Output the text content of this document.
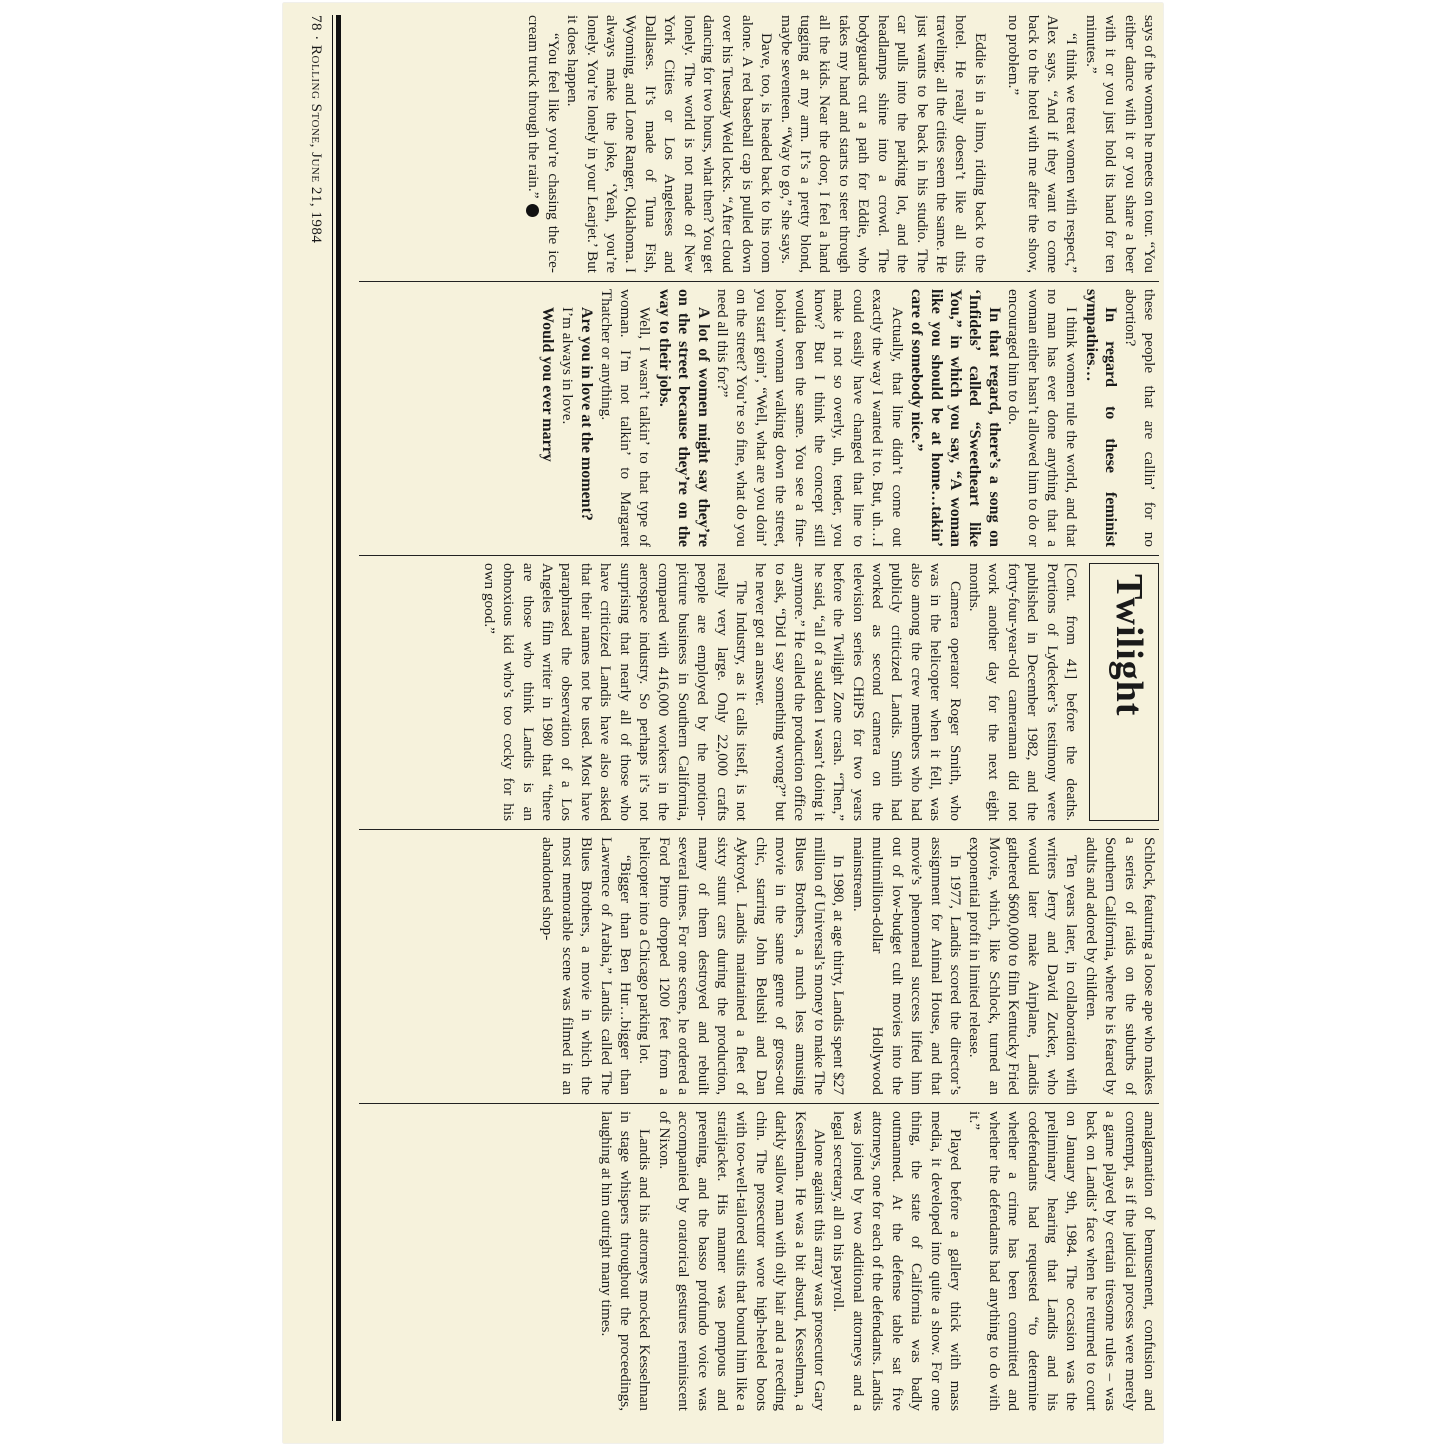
says of the women he meets on tour. “You either dance with it or you share a beer with it or you just hold its hand for ten minutes.”

“I think we treat women with respect,” Alex says. “And if they want to come back to the hotel with me after the show, no problem.”

Eddie is in a limo, riding back to the hotel. He really doesn’t like all this traveling; all the cities seem the same. He just wants to be back in his studio. The car pulls into the parking lot, and the headlamps shine into a crowd. The bodyguards cut a path for Eddie, who takes my hand and starts to steer through all the kids. Near the door, I feel a hand tugging at my arm. It’s a pretty blond, maybe seventeen. “Way to go,” she says.

Dave, too, is headed back to his room alone. A red baseball cap is pulled down over his Tuesday Weld locks. “After cloud dancing for two hours, what then? You get lonely. The world is not made of New York Cities or Los Angeleses and Dallases. It’s made of Tuna Fish, Wyoming, and Lone Ranger, Oklahoma. I always make the joke, ‘Yeah, you’re lonely. You’re lonely in your Learjet.’ But it does happen.

“You feel like you’re chasing the ice-cream truck through the rain.”

these people that are callin’ for no abortion?

In regard to these feminist sympathies…

I think women rule the world, and that no man has ever done anything that a woman either hasn’t allowed him to do or encouraged him to do.

In that regard, there’s a song on ‘Infidels’ called “Sweetheart like You,” in which you say, “A woman like you should be at home…takin’ care of somebody nice.”

Actually, that line didn’t come out exactly the way I wanted it to. But, uh…I could easily have changed that line to make it not so overly, uh, tender, you know? But I think the concept still woulda been the same. You see a fine-lookin’ woman walking down the street, you start goin’, “Well, what are you doin’ on the street? You’re so fine, what do you need all this for?”

A lot of women might say they’re on the street because they’re on the way to their jobs.

Well, I wasn’t talkin’ to that type of woman. I’m not talkin’ to Margaret Thatcher or anything.

Are you in love at the moment?

I’m always in love.

Would you ever marry

Twilight

[Cont. from 41] before the deaths. Portions of Lydecker’s testimony were published in December 1982, and the forty-four-year-old cameraman did not work another day for the next eight months.

Camera operator Roger Smith, who was in the helicopter when it fell, was also among the crew members who had publicly criticized Landis. Smith had worked as second camera on the television series CHiPS for two years before the Twilight Zone crash. “Then,” he said, “all of a sudden I wasn’t doing it anymore.” He called the production office to ask, “Did I say something wrong?” but he never got an answer.

The Industry, as it calls itself, is not really very large. Only 22,000 crafts people are employed by the motion-picture business in Southern California, compared with 416,000 workers in the aerospace industry. So perhaps it’s not surprising that nearly all of those who have criticized Landis have also asked that their names not be used. Most have paraphrased the observation of a Los Angeles film writer in 1980 that “there are those who think Landis is an obnoxious kid who’s too cocky for his own good.”

Schlock, featuring a loose ape who makes a series of raids on the suburbs of Southern California, where he is feared by adults and adored by children.

Ten years later, in collaboration with writers Jerry and David Zucker, who would later make Airplane, Landis gathered $600,000 to film Kentucky Fried Movie, which, like Schlock, turned an exponential profit in limited release.

In 1977, Landis scored the director’s assignment for Animal House, and that movie’s phenomenal success lifted him out of low-budget cult movies into the multimillion-dollar Hollywood mainstream.

In 1980, at age thirty, Landis spent $27 million of Universal’s money to make The Blues Brothers, a much less amusing movie in the same genre of gross-out chic, starring John Belushi and Dan Aykroyd. Landis maintained a fleet of sixty stunt cars during the production, many of them destroyed and rebuilt several times. For one scene, he ordered a Ford Pinto dropped 1200 feet from a helicopter into a Chicago parking lot.

“Bigger than Ben Hur…bigger than Lawrence of Arabia,” Landis called The Blues Brothers, a movie in which the most memorable scene was filmed in an abandoned shop-

amalgamation of bemusement, confusion and contempt, as if the judicial process were merely a game played by certain tiresome rules – was back on Landis’ face when he returned to court on January 9th, 1984. The occasion was the preliminary hearing that Landis and his codefendants had requested “to determine whether a crime has been committed and whether the defendants had anything to do with it.”

Played before a gallery thick with mass media, it developed into quite a show. For one thing, the state of California was badly outmanned. At the defense table sat five attorneys, one for each of the defendants. Landis was joined by two additional attorneys and a legal secretary, all on his payroll.

Alone against this array was prosecutor Gary Kesselman. He was a bit absurd, Kesselman, a darkly sallow man with oily hair and a receding chin. The prosecutor wore high-heeled boots with too-well-tailored suits that bound him like a straitjacket. His manner was pompous and preening, and the basso profundo voice was accompanied by oratorical gestures reminiscent of Nixon.

Landis and his attorneys mocked Kesselman in stage whispers throughout the proceedings, laughing at him outright many times.

78 · Rolling Stone, June 21, 1984
